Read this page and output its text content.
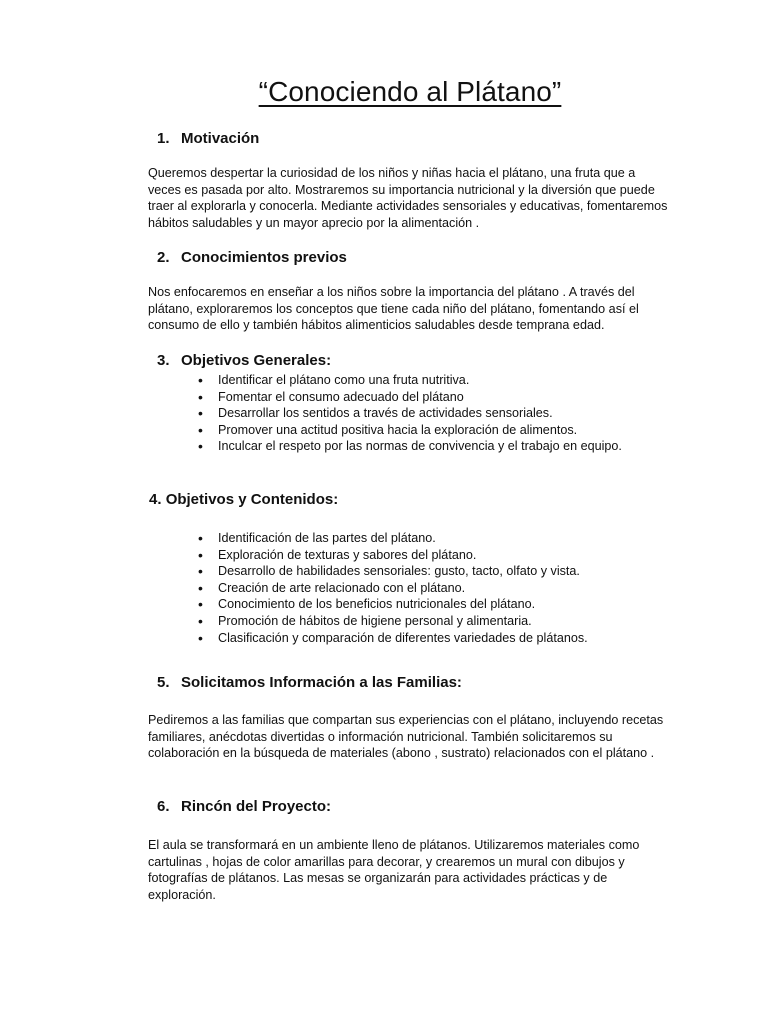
“Conociendo al Plátano”
1. Motivación
Queremos despertar la curiosidad de los niños y niñas hacia el plátano, una fruta que a veces es pasada por alto. Mostraremos su importancia nutricional y la diversión que puede traer al explorarla y conocerla. Mediante actividades sensoriales y educativas, fomentaremos hábitos saludables y un mayor aprecio por la alimentación .
2. Conocimientos previos
Nos enfocaremos en enseñar a los niños sobre la importancia del plátano . A través del plátano, exploraremos los conceptos que tiene cada niño del plátano, fomentando así el consumo de ello y también hábitos alimenticios saludables desde temprana edad.
3. Objetivos Generales:
• Identificar el plátano como una fruta nutritiva.
• Fomentar el consumo adecuado del plátano
• Desarrollar los sentidos a través de actividades sensoriales.
• Promover una actitud positiva hacia la exploración de alimentos.
• Inculcar el respeto por las normas de convivencia y el trabajo en equipo.
4. Objetivos y Contenidos:
• Identificación de las partes del plátano.
• Exploración de texturas y sabores del plátano.
• Desarrollo de habilidades sensoriales: gusto, tacto, olfato y vista.
• Creación de arte relacionado con el plátano.
• Conocimiento de los beneficios nutricionales del plátano.
• Promoción de hábitos de higiene personal y alimentaria.
• Clasificación y comparación de diferentes variedades de plátanos.
5. Solicitamos Información a las Familias:
Pediremos a las familias que compartan sus experiencias con el plátano, incluyendo recetas familiares, anécdotas divertidas o información nutricional. También solicitaremos su colaboración en la búsqueda de materiales (abono , sustrato) relacionados con el plátano .
6. Rincón del Proyecto:
El aula se transformará en un ambiente lleno de plátanos. Utilizaremos materiales como cartulinas , hojas de color amarillas para decorar, y crearemos un mural con dibujos y fotografías de plátanos. Las mesas se organizarán para actividades prácticas y de exploración.
